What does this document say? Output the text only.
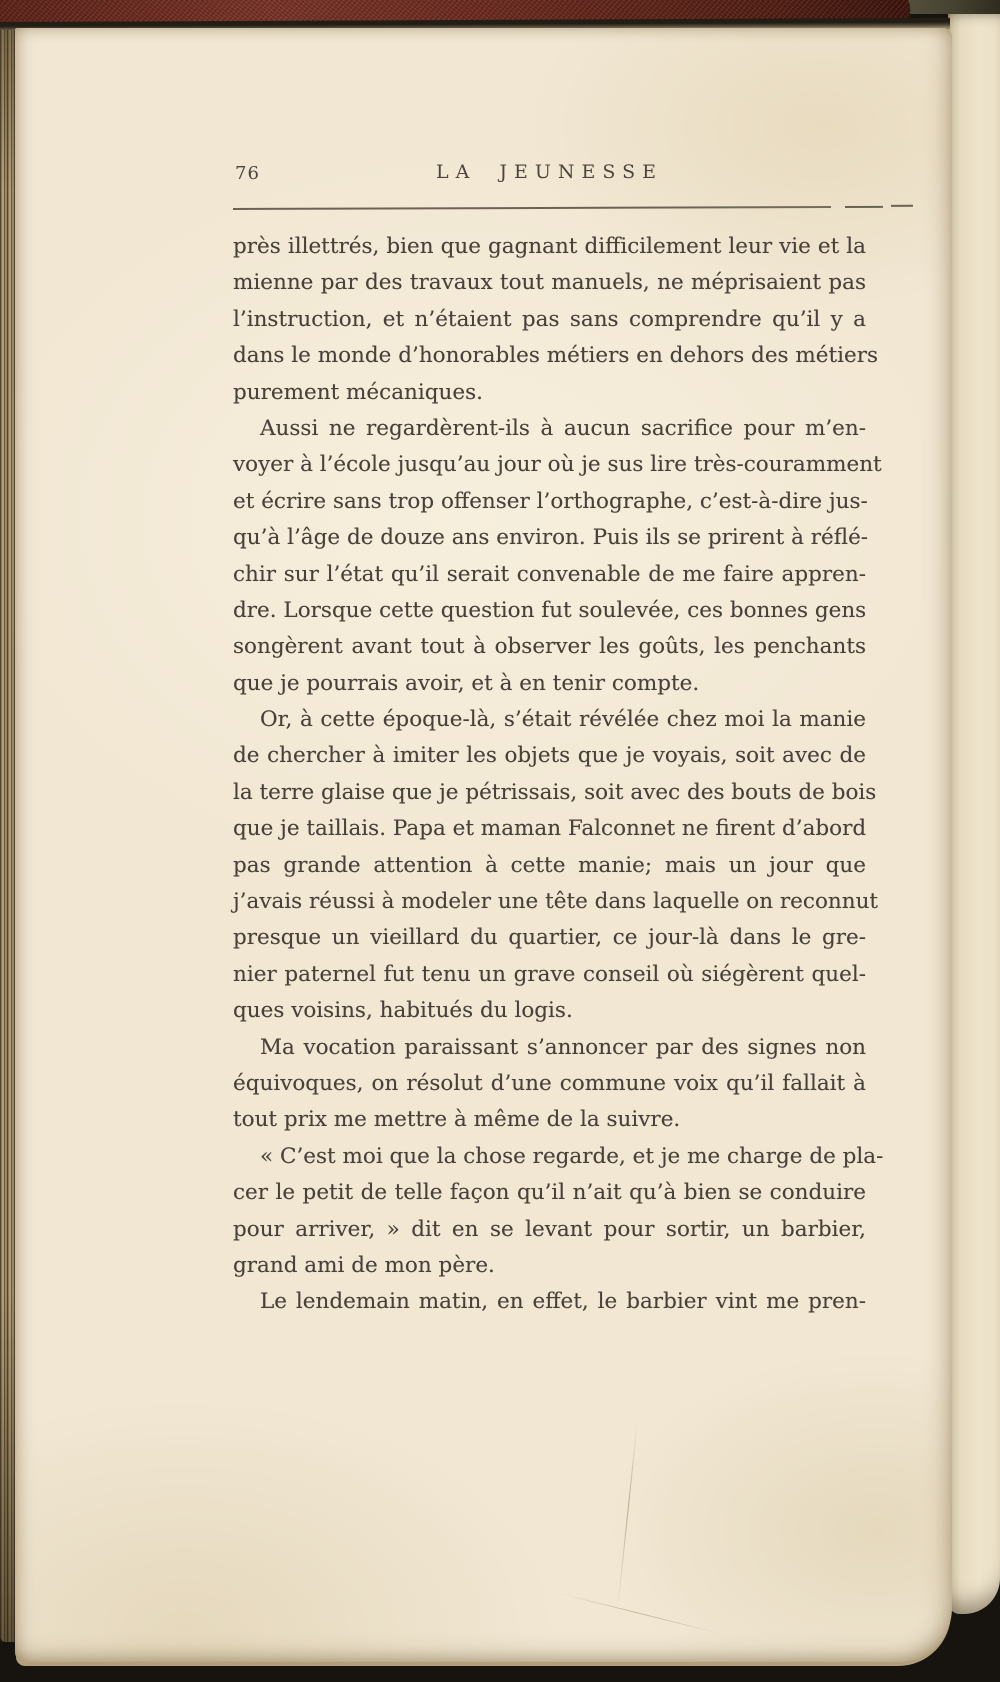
76	LA JEUNESSE
près illettrés, bien que gagnant difficilement leur vie et la
mienne par des travaux tout manuels, ne méprisaient pas
l’instruction, et n’étaient pas sans comprendre qu’il y a
dans le monde d’honorables métiers en dehors des métiers
purement mécaniques.
Aussi ne regardèrent-ils à aucun sacrifice pour m’en-
voyer à l’école jusqu’au jour où je sus lire très-couramment
et écrire sans trop offenser l’orthographe, c’est-à-dire jus-
qu’à l’âge de douze ans environ. Puis ils se prirent à réflé-
chir sur l’état qu’il serait convenable de me faire appren-
dre. Lorsque cette question fut soulevée, ces bonnes gens
songèrent avant tout à observer les goûts, les penchants
que je pourrais avoir, et à en tenir compte.
Or, à cette époque-là, s’était révélée chez moi la manie
de chercher à imiter les objets que je voyais, soit avec de
la terre glaise que je pétrissais, soit avec des bouts de bois
que je taillais. Papa et maman Falconnet ne firent d’abord
pas grande attention à cette manie; mais un jour que
j’avais réussi à modeler une tête dans laquelle on reconnut
presque un vieillard du quartier, ce jour-là dans le gre-
nier paternel fut tenu un grave conseil où siégèrent quel-
ques voisins, habitués du logis.
Ma vocation paraissant s’annoncer par des signes non
équivoques, on résolut d’une commune voix qu’il fallait à
tout prix me mettre à même de la suivre.
« C’est moi que la chose regarde, et je me charge de pla-
cer le petit de telle façon qu’il n’ait qu’à bien se conduire
pour arriver, » dit en se levant pour sortir, un barbier,
grand ami de mon père.
Le lendemain matin, en effet, le barbier vint me pren-
